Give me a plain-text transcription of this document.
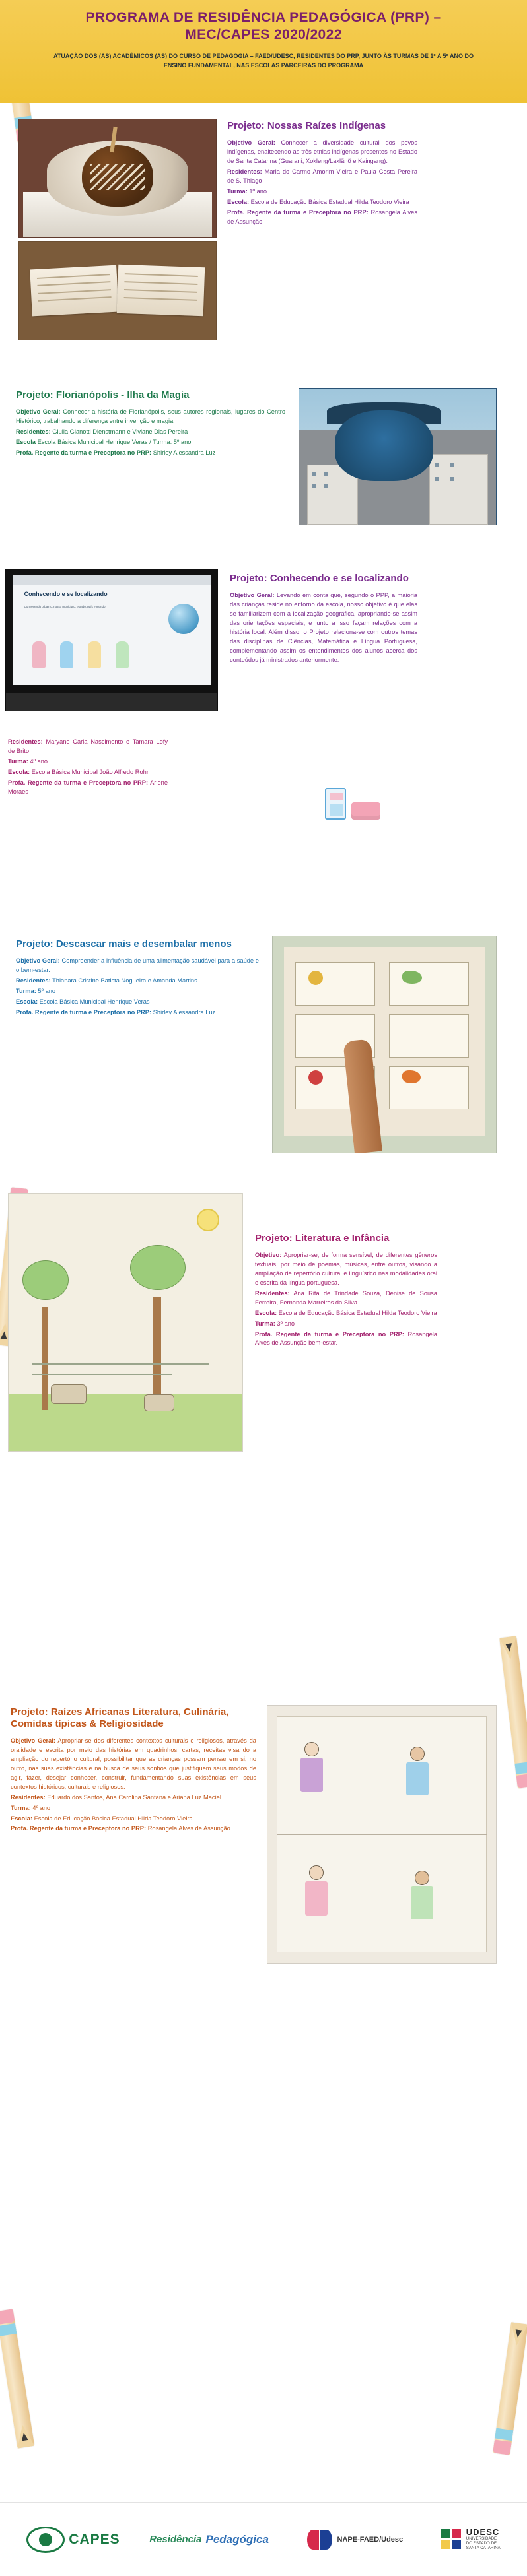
PROGRAMA DE RESIDÊNCIA PEDAGÓGICA (PRP) – MEC/CAPES 2020/2022
ATUAÇÃO DOS (AS) ACADÊMICOS (AS) DO CURSO DE PEDAGOGIA – FAED/UDESC, RESIDENTES DO PRP, JUNTO ÀS TURMAS DE 1º A 5º ANO DO ENSINO FUNDAMENTAL, NAS ESCOLAS PARCEIRAS DO PROGRAMA
Projeto: Nossas Raízes Indígenas

Objetivo Geral: Conhecer a diversidade cultural dos povos indígenas, enaltecendo as três etnias indígenas presentes no Estado de Santa Catarina (Guarani, Xokleng/Laklãnõ e Kaingang).

Residentes: Maria do Carmo Amorim Vieira e Paula Costa Pereira de S. Thiago

Turma: 1º ano

Escola: Escola de Educação Básica Estadual Hilda Teodoro Vieira

Profa. Regente da turma e Preceptora no PRP: Rosangela Alves de Assunção

Projeto: Florianópolis - Ilha da Magia

Objetivo Geral: Conhecer a história de Florianópolis, seus autores regionais, lugares do Centro Histórico, trabalhando a diferença entre invenção e magia.

Residentes: Giulia Gianotti Dienstmann e Viviane Dias Pereira

Escola Escola Básica Municipal Henrique Veras / Turma: 5º ano

Profa. Regente da turma e Preceptora no PRP: Shirley Alessandra Luz

Conhecendo e se localizando
Conhecendo o bairro, nosso município, estado, país e mundo
Projeto: Conhecendo e se localizando

Objetivo Geral: Levando em conta que, segundo o PPP, a maioria das crianças reside no entorno da escola, nosso objetivo é que elas se familiarizem com a localização geográfica, apropriando-se assim das orientações espaciais, e junto a isso façam relações com a história local. Além disso, o Projeto relaciona-se com outros temas das disciplinas de Ciências, Matemática e Língua Portuguesa, complementando assim os entendimentos dos alunos acerca dos conteúdos já ministrados anteriormente.

Residentes: Maryane Carla Nascimento e Tamara Lofy de Brito

Turma: 4º ano

Escola: Escola Básica Municipal João Alfredo Rohr

Profa. Regente da turma e Preceptora no PRP: Arlene Moraes

Projeto: Descascar mais e desembalar menos

Objetivo Geral: Compreender a influência de uma alimentação saudável para a saúde e o bem-estar.

Residentes: Thianara Cristine Batista Nogueira e Amanda Martins

Turma: 5º ano

Escola: Escola Básica Municipal Henrique Veras

Profa. Regente da turma e Preceptora no PRP: Shirley Alessandra Luz

Projeto: Literatura e Infância

Objetivo: Apropriar-se, de forma sensível, de diferentes gêneros textuais, por meio de poemas, músicas, entre outros, visando a ampliação de repertório cultural e linguístico nas modalidades oral e escrita da língua portuguesa.

Residentes: Ana Rita de Trindade Souza, Denise de Sousa Ferreira, Fernanda Marreiros da Silva

Escola: Escola de Educação Básica Estadual Hilda Teodoro Vieira

Turma: 3º ano

Profa. Regente da turma e Preceptora no PRP: Rosangela Alves de Assunção bem-estar.

Projeto: Raízes Africanas Literatura, Culinária, Comidas típicas & Religiosidade

Objetivo Geral: Apropriar-se dos diferentes contextos culturais e religiosos, através da oralidade e escrita por meio das histórias em quadrinhos, cartas, receitas visando a ampliação do repertório cultural; possibilitar que as crianças possam pensar em si, no outro, nas suas existências e na busca de seus sonhos que justifiquem seus modos de agir, fazer, desejar conhecer, construir, fundamentando suas existências em seus contextos históricos, culturais e religiosos.

Residentes: Eduardo dos Santos, Ana Carolina Santana e Ariana Luz Maciel

Turma: 4º ano

Escola: Escola de Educação Básica Estadual Hilda Teodoro Vieira

Profa. Regente da turma e Preceptora no PRP: Rosangela Alves de Assunção

CAPES	Residência Pedagógica	NAPE-FAED/Udesc
UDESC
UNIVERSIDADE
DO ESTADO DE
SANTA CATARINA
